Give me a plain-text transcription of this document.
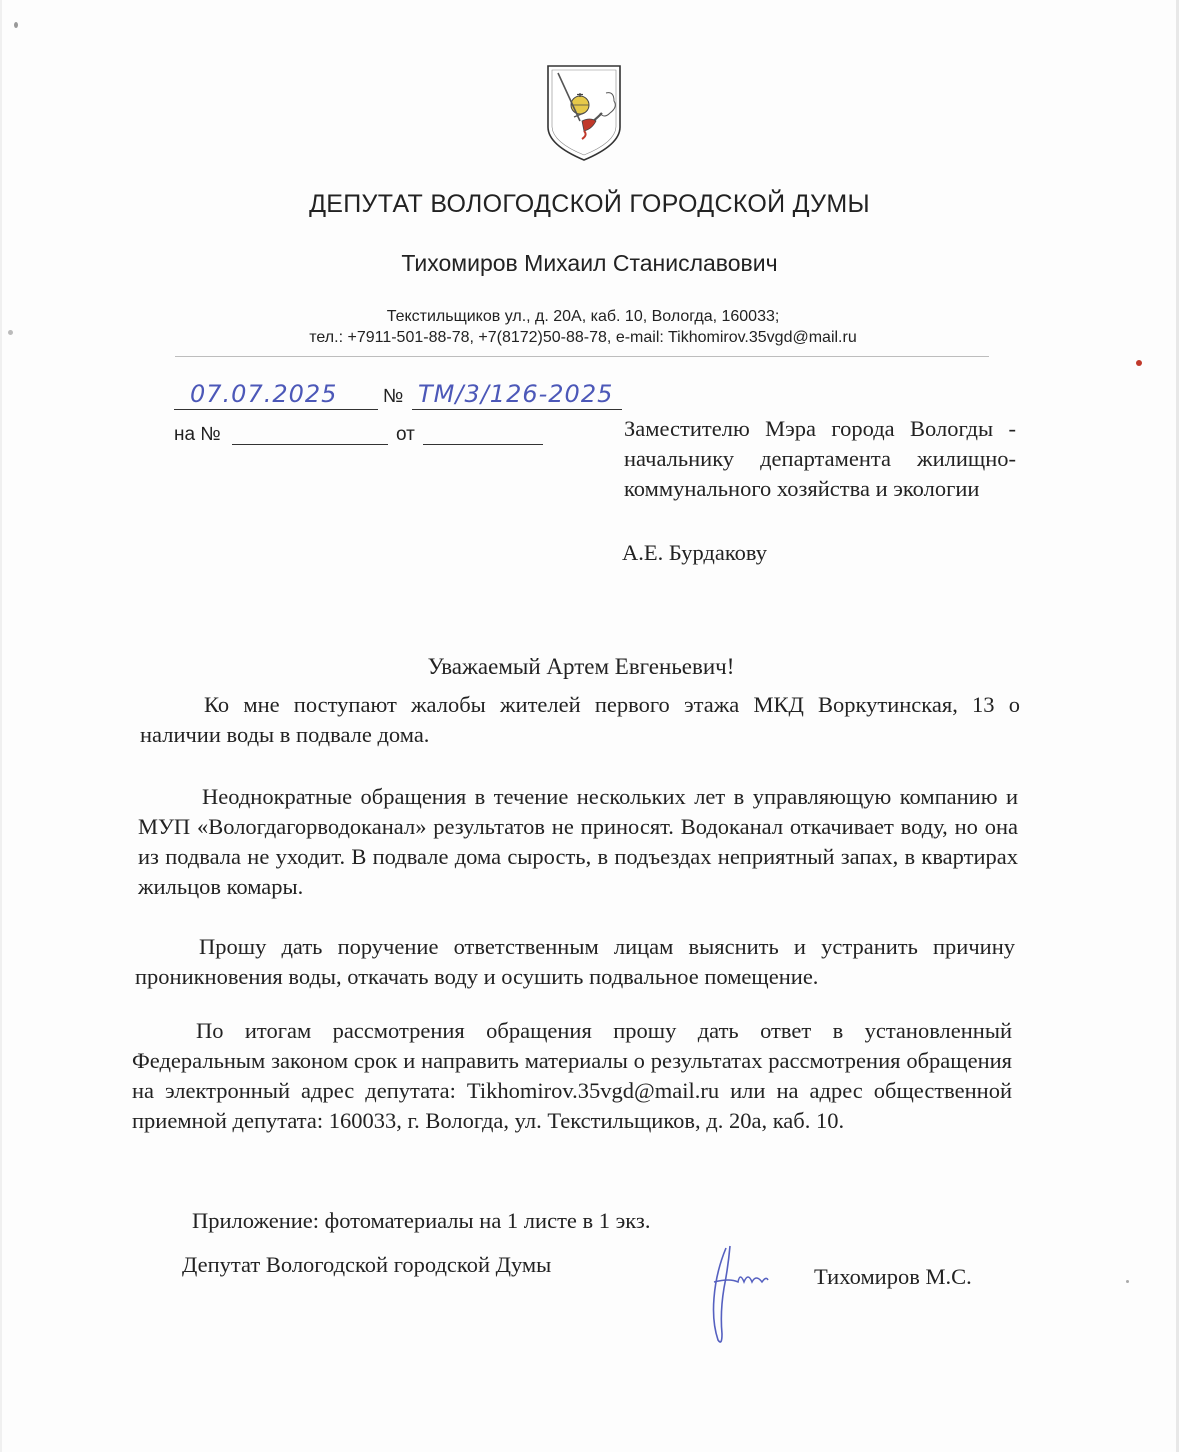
ДЕПУТАТ ВОЛОГОДСКОЙ ГОРОДСКОЙ ДУМЫ
Тихомиров Михаил Станиславович
Текстильщиков ул., д. 20А, каб. 10, Вологда, 160033;
тел.: +7911-501-88-78, +7(8172)50-88-78, e-mail: Tikhomirov.35vgd@mail.ru
07.07.2025 № ТМ/3/126-2025
на №	от	Заместителю Мэра города Вологды - начальнику департамента жилищно-коммунального хозяйства и экологии
А.Е. Бурдакову
Уважаемый Артем Евгеньевич!
Ко мне поступают жалобы жителей первого этажа МКД Воркутинская, 13 о наличии воды в подвале дома.
Неоднократные обращения в течение нескольких лет в управляющую компанию и МУП «Вологдагорводоканал» результатов не приносят. Водоканал откачивает воду, но она из подвала не уходит. В подвале дома сырость, в подъездах неприятный запах, в квартирах жильцов комары.
Прошу дать поручение ответственным лицам выяснить и устранить причину проникновения воды, откачать воду и осушить подвальное помещение.
По итогам рассмотрения обращения прошу дать ответ в установленный Федеральным законом срок и направить материалы о результатах рассмотрения обращения на электронный адрес депутата: Tikhomirov.35vgd@mail.ru или на адрес общественной приемной депутата: 160033, г. Вологда, ул. Текстильщиков, д. 20а, каб. 10.
Приложение: фотоматериалы на 1 листе в 1 экз.
Депутат Вологодской городской Думы	Тихомиров М.С.
